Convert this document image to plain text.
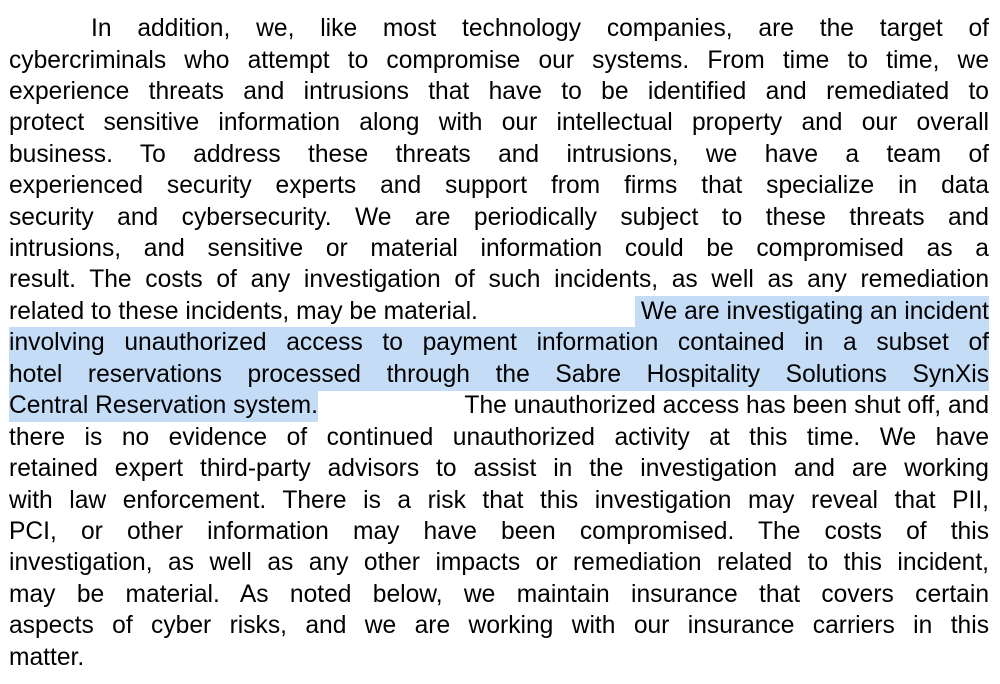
In addition, we, like most technology companies, are the target of
cybercriminals who attempt to compromise our systems. From time to time, we
experience threats and intrusions that have to be identified and remediated to
protect sensitive information along with our intellectual property and our overall
business. To address these threats and intrusions, we have a team of
experienced security experts and support from firms that specialize in data
security and cybersecurity. We are periodically subject to these threats and
intrusions, and sensitive or material information could be compromised as a
result. The costs of any investigation of such incidents, as well as any remediation
related to these incidents, may be material.	We are investigating an incident
involving unauthorized access to payment information contained in a subset of
hotel reservations processed through the Sabre Hospitality Solutions SynXis
Central Reservation system.	The unauthorized access has been shut off, and
there is no evidence of continued unauthorized activity at this time. We have
retained expert third-party advisors to assist in the investigation and are working
with law enforcement. There is a risk that this investigation may reveal that PII,
PCI, or other information may have been compromised. The costs of this
investigation, as well as any other impacts or remediation related to this incident,
may be material. As noted below, we maintain insurance that covers certain
aspects of cyber risks, and we are working with our insurance carriers in this
matter.
